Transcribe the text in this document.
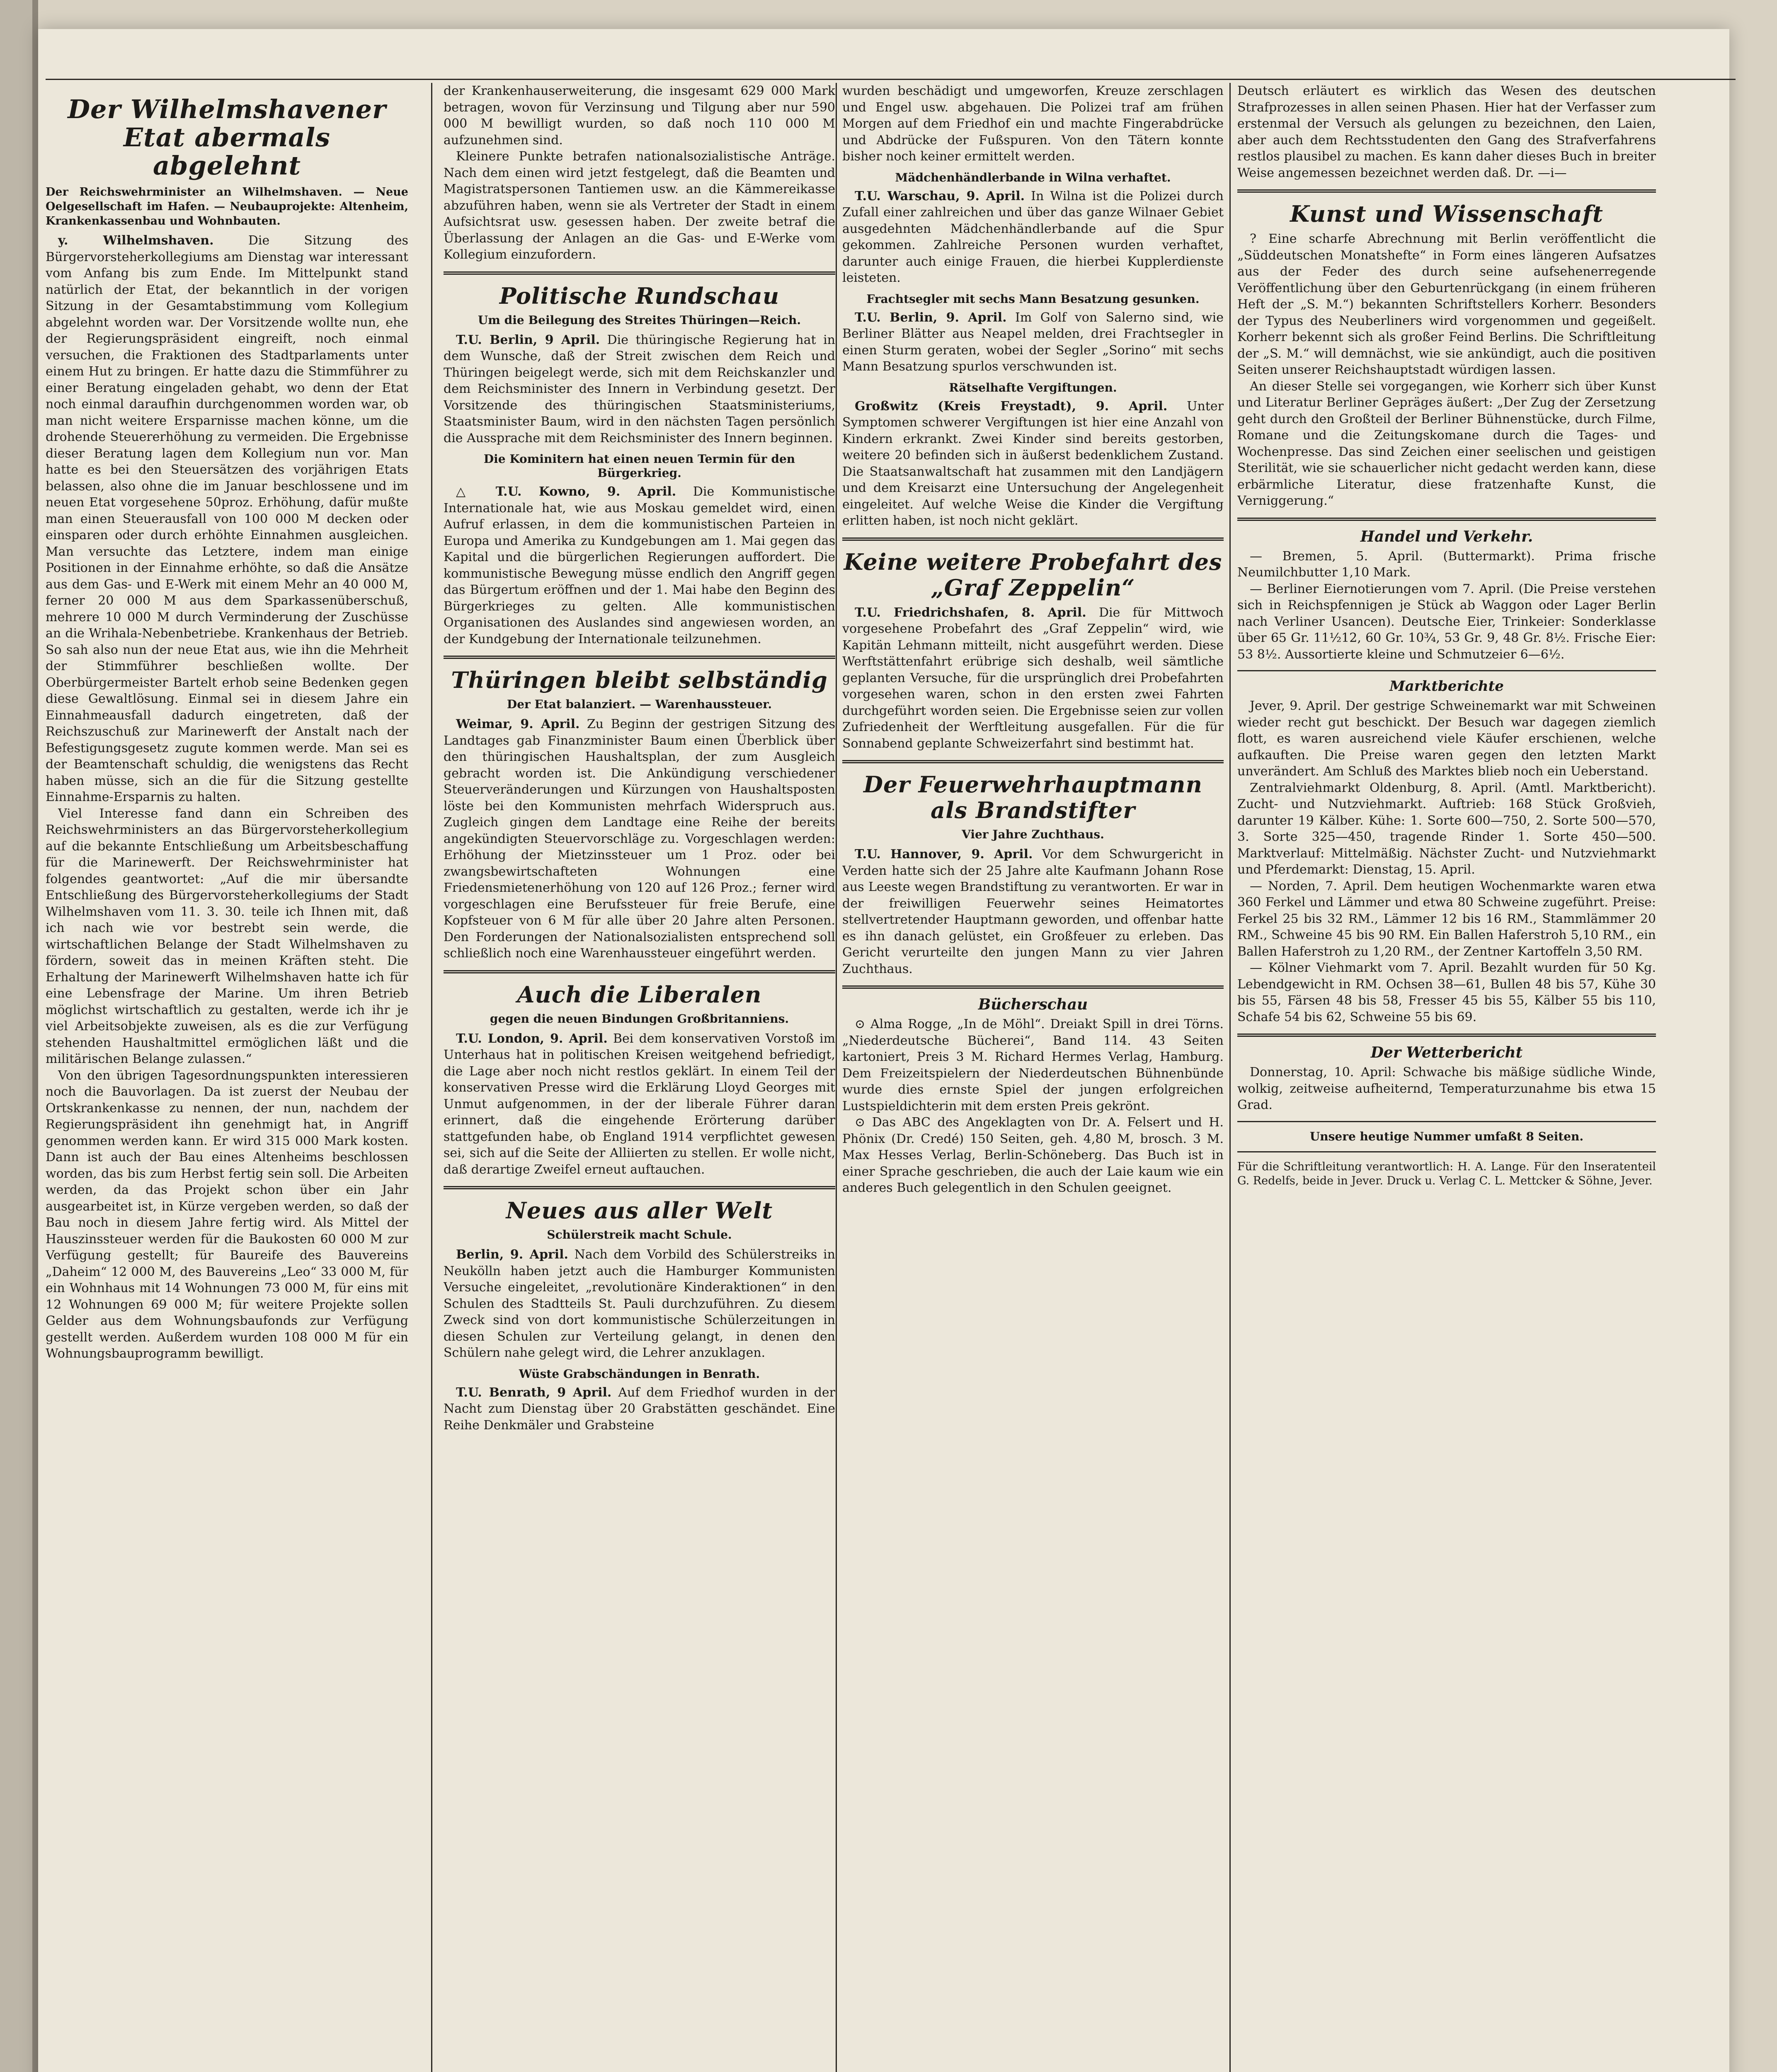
Der Wilhelmshavener Etat abermals abgelehnt
Der Reichswehrminister an Wilhelmshaven. — Neue Oelgesellschaft im Hafen. — Neubauprojekte: Altenheim, Krankenkassenbau und Wohnbauten.

y. Wilhelmshaven.	Die Sitzung des Bürgervorsteherkollegiums am Dienstag war interessant vom Anfang bis zum Ende. Im Mittelpunkt stand natürlich der Etat, der bekanntlich in der vorigen Sitzung in der Gesamtabstimmung vom Kollegium abgelehnt worden war. Der Vorsitzende wollte nun, ehe der Regierungspräsident eingreift, noch einmal versuchen, die Fraktionen des Stadtparlaments unter einem Hut zu bringen. Er hatte dazu die Stimmführer zu einer Beratung eingeladen gehabt, wo denn der Etat noch einmal daraufhin durchgenommen worden war, ob man nicht weitere Ersparnisse machen könne, um die drohende Steuererhöhung zu vermeiden. Die Ergebnisse dieser Beratung lagen dem Kollegium nun vor. Man hatte es bei den Steuersätzen des vorjährigen Etats belassen, also ohne die im Januar beschlossene und im neuen Etat vorgesehene 50proz. Erhöhung, dafür mußte man einen Steuerausfall von 100 000 M decken oder einsparen oder durch erhöhte Einnahmen ausgleichen. Man versuchte das Letztere, indem man einige Positionen in der Einnahme erhöhte, so daß die Ansätze aus dem Gas- und E-Werk mit einem Mehr an 40 000 M, ferner 20 000 M aus dem Sparkassenüberschuß, mehrere 10 000 M durch Verminderung der Zuschüsse an die Wrihala-Nebenbetriebe. Krankenhaus der Betrieb. So sah also nun der neue Etat aus, wie ihn die Mehrheit der Stimmführer beschließen wollte. Der Oberbürgermeister Bartelt erhob seine Bedenken gegen diese Gewaltlösung. Einmal sei in diesem Jahre ein Einnahmeausfall dadurch eingetreten, daß der Reichszuschuß zur Marinewerft der Anstalt nach der Befestigungsgesetz zugute kommen werde. Man sei es der Beamtenschaft schuldig, die wenigstens das Recht haben müsse, sich an die für die Sitzung gestellte Einnahme-Ersparnis zu halten.

Viel Interesse fand dann ein Schreiben des Reichswehrministers an das Bürgervorsteherkollegium auf die bekannte Entschließung um Arbeitsbeschaffung für die Marinewerft. Der Reichswehrminister hat folgendes geantwortet: „Auf die mir übersandte Entschließung des Bürgervorsteherkollegiums der Stadt Wilhelmshaven vom 11. 3. 30. teile ich Ihnen mit, daß ich nach wie vor bestrebt sein werde, die wirtschaftlichen Belange der Stadt Wilhelmshaven zu fördern, soweit das in meinen Kräften steht. Die Erhaltung der Marinewerft Wilhelmshaven hatte ich für eine Lebensfrage der Marine. Um ihren Betrieb möglichst wirtschaftlich zu gestalten, werde ich ihr je viel Arbeitsobjekte zuweisen, als es die zur Verfügung stehenden Haushaltmittel ermöglichen läßt und die militärischen Belange zulassen.“

Von den übrigen Tagesordnungspunkten interessieren noch die Bauvorlagen. Da ist zuerst der Neubau der Ortskrankenkasse zu nennen, der nun, nachdem der Regierungspräsident ihn genehmigt hat, in Angriff genommen werden kann. Er wird 315 000 Mark kosten. Dann ist auch der Bau eines Altenheims beschlossen worden, das bis zum Herbst fertig sein soll. Die Arbeiten werden, da das Projekt schon über ein Jahr ausgearbeitet ist, in Kürze vergeben werden, so daß der Bau noch in diesem Jahre fertig wird. Als Mittel der Hauszinssteuer werden für die Baukosten 60 000 M zur Verfügung gestellt; für Baureife des Bauvereins „Daheim“ 12 000 M, des Bauvereins „Leo“ 33 000 M, für ein Wohnhaus mit 14 Wohnungen 73 000 M, für eins mit 12 Wohnungen 69 000 M; für weitere Projekte sollen Gelder aus dem Wohnungsbaufonds zur Verfügung gestellt werden. Außerdem wurden 108 000 M für ein Wohnungsbauprogramm bewilligt.

der Krankenhauserweiterung, die insgesamt 629 000 Mark betragen, wovon für Verzinsung und Tilgung aber nur 590 000 M bewilligt wurden, so daß noch 110 000 M aufzunehmen sind.

Kleinere Punkte betrafen nationalsozialistische Anträge. Nach dem einen wird jetzt festgelegt, daß die Beamten und Magistratspersonen Tantiemen usw. an die Kämmereikasse abzuführen haben, wenn sie als Vertreter der Stadt in einem Aufsichtsrat usw. gesessen haben. Der zweite betraf die Überlassung der Anlagen an die Gas- und E-Werke vom Kollegium einzufordern.

Politische Rundschau
Um die Beilegung des Streites Thüringen—Reich.

T.U. Berlin, 9 April. Die thüringische Regierung hat in dem Wunsche, daß der Streit zwischen dem Reich und Thüringen beigelegt werde, sich mit dem Reichskanzler und dem Reichsminister des Innern in Verbindung gesetzt. Der Vorsitzende des thüringischen Staatsministeriums, Staatsminister Baum, wird in den nächsten Tagen persönlich die Aussprache mit dem Reichsminister des Innern beginnen.

Die Kominitern hat einen neuen Termin für den Bürgerkrieg.

△ T.U. Kowno, 9. April. Die Kommunistische Internationale hat, wie aus Moskau gemeldet wird, einen Aufruf erlassen, in dem die kommunistischen Parteien in Europa und Amerika zu Kundgebungen am 1. Mai gegen das Kapital und die bürgerlichen Regierungen auffordert. Die kommunistische Bewegung müsse endlich den Angriff gegen das Bürgertum eröffnen und der 1. Mai habe den Beginn des Bürgerkrieges zu gelten. Alle kommunistischen Organisationen des Auslandes sind angewiesen worden, an der Kundgebung der Internationale teilzunehmen.

Thüringen bleibt selbständig
Der Etat balanziert. — Warenhaussteuer.

Weimar, 9. April. Zu Beginn der gestrigen Sitzung des Landtages gab Finanzminister Baum einen Überblick über den thüringischen Haushaltsplan, der zum Ausgleich gebracht worden ist. Die Ankündigung verschiedener Steuerveränderungen und Kürzungen von Haushaltsposten löste bei den Kommunisten mehrfach Widerspruch aus. Zugleich gingen dem Landtage eine Reihe der bereits angekündigten Steuervorschläge zu. Vorgeschlagen werden: Erhöhung der Mietzinssteuer um 1 Proz. oder bei zwangsbewirtschafteten Wohnungen eine Friedensmietenerhöhung von 120 auf 126 Proz.; ferner wird vorgeschlagen eine Berufssteuer für freie Berufe, eine Kopfsteuer von 6 M für alle über 20 Jahre alten Personen. Den Forderungen der Nationalsozialisten entsprechend soll schließlich noch eine Warenhaussteuer eingeführt werden.

Auch die Liberalen
gegen die neuen Bindungen Großbritanniens.

T.U. London, 9. April. Bei dem konservativen Vorstoß im Unterhaus hat in politischen Kreisen weitgehend befriedigt, die Lage aber noch nicht restlos geklärt. In einem Teil der konservativen Presse wird die Erklärung Lloyd Georges mit Unmut aufgenommen, in der der liberale Führer daran erinnert, daß die eingehende Erörterung darüber stattgefunden habe, ob England 1914 verpflichtet gewesen sei, sich auf die Seite der Alliierten zu stellen. Er wolle nicht, daß derartige Zweifel erneut auftauchen.

Neues aus aller Welt
Schülerstreik macht Schule.

Berlin, 9. April. Nach dem Vorbild des Schülerstreiks in Neukölln haben jetzt auch die Hamburger Kommunisten Versuche eingeleitet, „revolutionäre Kinderaktionen“ in den Schulen des Stadtteils St. Pauli durchzuführen. Zu diesem Zweck sind von dort kommunistische Schülerzeitungen in diesen Schulen zur Verteilung gelangt, in denen den Schülern nahe gelegt wird, die Lehrer anzuklagen.

Wüste Grabschändungen in Benrath.

T.U. Benrath, 9 April. Auf dem Friedhof wurden in der Nacht zum Dienstag über 20 Grabstätten geschändet. Eine Reihe Denkmäler und Grabsteine

wurden beschädigt und umgeworfen, Kreuze zerschlagen und Engel usw. abgehauen. Die Polizei traf am frühen Morgen auf dem Friedhof ein und machte Fingerabdrücke und Abdrücke der Fußspuren. Von den Tätern konnte bisher noch keiner ermittelt werden.

Mädchenhändlerbande in Wilna verhaftet.

T.U. Warschau, 9. April. In Wilna ist die Polizei durch Zufall einer zahlreichen und über das ganze Wilnaer Gebiet ausgedehnten Mädchenhändlerbande auf die Spur gekommen. Zahlreiche Personen wurden verhaftet, darunter auch einige Frauen, die hierbei Kupplerdienste leisteten.

Frachtsegler mit sechs Mann Besatzung gesunken.

T.U. Berlin, 9. April. Im Golf von Salerno sind, wie Berliner Blätter aus Neapel melden, drei Frachtsegler in einen Sturm geraten, wobei der Segler „Sorino“ mit sechs Mann Besatzung spurlos verschwunden ist.

Rätselhafte Vergiftungen.

Großwitz (Kreis Freystadt), 9. April. Unter Symptomen schwerer Vergiftungen ist hier eine Anzahl von Kindern erkrankt. Zwei Kinder sind bereits gestorben, weitere 20 befinden sich in äußerst bedenklichem Zustand. Die Staatsanwaltschaft hat zusammen mit den Landjägern und dem Kreisarzt eine Untersuchung der Angelegenheit eingeleitet. Auf welche Weise die Kinder die Vergiftung erlitten haben, ist noch nicht geklärt.

Keine weitere Probefahrt des „Graf Zeppelin“

T.U. Friedrichshafen, 8. April. Die für Mittwoch vorgesehene Probefahrt des „Graf Zeppelin“ wird, wie Kapitän Lehmann mitteilt, nicht ausgeführt werden. Diese Werftstättenfahrt erübrige sich deshalb, weil sämtliche geplanten Versuche, für die ursprünglich drei Probefahrten vorgesehen waren, schon in den ersten zwei Fahrten durchgeführt worden seien. Die Ergebnisse seien zur vollen Zufriedenheit der Werftleitung ausgefallen. Für die für Sonnabend geplante Schweizerfahrt sind bestimmt hat.

Der Feuerwehrhauptmann als Brandstifter
Vier Jahre Zuchthaus.

T.U. Hannover, 9. April. Vor dem Schwurgericht in Verden hatte sich der 25 Jahre alte Kaufmann Johann Rose aus Leeste wegen Brandstiftung zu verantworten. Er war in der freiwilligen Feuerwehr seines Heimatortes stellvertretender Hauptmann geworden, und offenbar hatte es ihn danach gelüstet, ein Großfeuer zu erleben. Das Gericht verurteilte den jungen Mann zu vier Jahren Zuchthaus.

Bücherschau

⊙ Alma Rogge, „In de Möhl“. Dreiakt Spill in drei Törns. „Niederdeutsche Bücherei“, Band 114. 43 Seiten kartoniert, Preis 3 M. Richard Hermes Verlag, Hamburg. Dem Freizeitspielern der Niederdeutschen Bühnenbünde wurde dies ernste Spiel der jungen erfolgreichen Lustspieldichterin mit dem ersten Preis gekrönt.

⊙ Das ABC des Angeklagten von Dr. A. Felsert und H. Phönix (Dr. Credé) 150 Seiten, geh. 4,80 M, brosch. 3 M. Max Hesses Verlag, Berlin-Schöneberg. Das Buch ist in einer Sprache geschrieben, die auch der Laie kaum wie ein anderes Buch gelegentlich in den Schulen geeignet.

Deutsch erläutert es wirklich das Wesen des deutschen Strafprozesses in allen seinen Phasen. Hier hat der Verfasser zum erstenmal der Versuch als gelungen zu bezeichnen, den Laien, aber auch dem Rechtsstudenten den Gang des Strafverfahrens restlos plausibel zu machen. Es kann daher dieses Buch in breiter Weise angemessen bezeichnet werden daß. Dr. —i—

Kunst und Wissenschaft

? Eine scharfe Abrechnung mit Berlin veröffentlicht die „Süddeutschen Monatshefte“ in Form eines längeren Aufsatzes aus der Feder des durch seine aufsehenerregende Veröffentlichung über den Geburtenrückgang (in einem früheren Heft der „S. M.“) bekannten Schriftstellers Korherr. Besonders der Typus des Neuberliners wird vorgenommen und gegeißelt. Korherr bekennt sich als großer Feind Berlins. Die Schriftleitung der „S. M.“ will demnächst, wie sie ankündigt, auch die positiven Seiten unserer Reichshauptstadt würdigen lassen.

An dieser Stelle sei vorgegangen, wie Korherr sich über Kunst und Literatur Berliner Gepräges äußert: „Der Zug der Zersetzung geht durch den Großteil der Berliner Bühnenstücke, durch Filme, Romane und die Zeitungskomane durch die Tages- und Wochenpresse. Das sind Zeichen einer seelischen und geistigen Sterilität, wie sie schauerlicher nicht gedacht werden kann, diese erbärmliche Literatur, diese fratzenhafte Kunst, die Verniggerung.“

Handel und Verkehr.

— Bremen, 5. April. (Buttermarkt). Prima frische Neumilchbutter 1,10 Mark.

— Berliner Eiernotierungen vom 7. April. (Die Preise verstehen sich in Reichspfennigen je Stück ab Waggon oder Lager Berlin nach Verliner Usancen). Deutsche Eier, Trinkeier: Sonderklasse über 65 Gr. 11½12, 60 Gr. 10¾, 53 Gr. 9, 48 Gr. 8½. Frische Eier: 53 8½. Aussortierte kleine und Schmutzeier 6—6½.

Marktberichte

Jever, 9. April. Der gestrige Schweinemarkt war mit Schweinen wieder recht gut beschickt. Der Besuch war dagegen ziemlich flott, es waren ausreichend viele Käufer erschienen, welche aufkauften. Die Preise waren gegen den letzten Markt unverändert. Am Schluß des Marktes blieb noch ein Ueberstand.

Zentralviehmarkt Oldenburg, 8. April. (Amtl. Marktbericht). Zucht- und Nutzviehmarkt. Auftrieb: 168 Stück Großvieh, darunter 19 Kälber. Kühe: 1. Sorte 600—750, 2. Sorte 500—570, 3. Sorte 325—450, tragende Rinder 1. Sorte 450—500. Marktverlauf: Mittelmäßig. Nächster Zucht- und Nutzviehmarkt und Pferdemarkt: Dienstag, 15. April.

— Norden, 7. April. Dem heutigen Wochenmarkte waren etwa 360 Ferkel und Lämmer und etwa 80 Schweine zugeführt. Preise: Ferkel 25 bis 32 RM., Lämmer 12 bis 16 RM., Stammlämmer 20 RM., Schweine 45 bis 90 RM. Ein Ballen Haferstroh 5,10 RM., ein Ballen Haferstroh zu 1,20 RM., der Zentner Kartoffeln 3,50 RM.

— Kölner Viehmarkt vom 7. April. Bezahlt wurden für 50 Kg. Lebendgewicht in RM. Ochsen 38—61, Bullen 48 bis 57, Kühe 30 bis 55, Färsen 48 bis 58, Fresser 45 bis 55, Kälber 55 bis 110, Schafe 54 bis 62, Schweine 55 bis 69.

Der Wetterbericht

Donnerstag, 10. April: Schwache bis mäßige südliche Winde, wolkig, zeitweise aufheiternd, Temperaturzunahme bis etwa 15 Grad.

Unsere heutige Nummer umfaßt 8 Seiten.
Für die Schriftleitung verantwortlich: H. A. Lange. Für den Inseratenteil G. Redelfs, beide in Jever. Druck u. Verlag C. L. Mettcker & Söhne, Jever.
